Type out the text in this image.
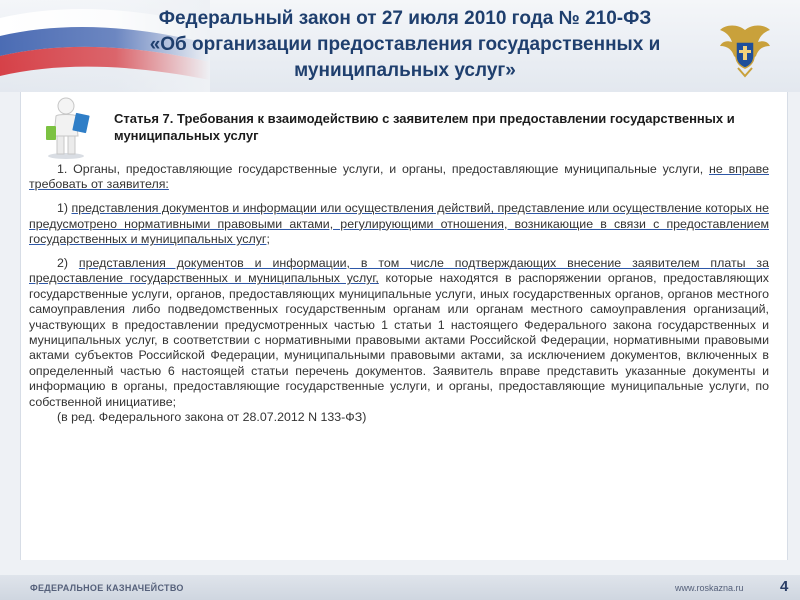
Федеральный закон от 27 июля 2010 года № 210-ФЗ
«Об организации предоставления государственных и
муниципальных услуг»
Статья 7. Требования к взаимодействию с заявителем при предоставлении государственных и муниципальных услуг

1. Органы, предоставляющие государственные услуги, и органы, предоставляющие муниципальные услуги, не вправе требовать от заявителя:

1) представления документов и информации или осуществления действий, представление или осуществление которых не предусмотрено нормативными правовыми актами, регулирующими отношения, возникающие в связи с предоставлением государственных и муниципальных услуг;

2) представления документов и информации, в том числе подтверждающих внесение заявителем платы за предоставление государственных и муниципальных услуг, которые находятся в распоряжении органов, предоставляющих государственные услуги, органов, предоставляющих муниципальные услуги, иных государственных органов, органов местного самоуправления либо подведомственных государственным органам или органам местного самоуправления организаций, участвующих в предоставлении предусмотренных частью 1 статьи 1 настоящего Федерального закона государственных и муниципальных услуг, в соответствии с нормативными правовыми актами Российской Федерации, нормативными правовыми актами субъектов Российской Федерации, муниципальными правовыми актами, за исключением документов, включенных в определенный частью 6 настоящей статьи перечень документов. Заявитель вправе представить указанные документы и информацию в органы, предоставляющие государственные услуги, и органы, предоставляющие муниципальные услуги, по собственной инициативе;

(в ред. Федерального закона от 28.07.2012 N 133-ФЗ)

ФЕДЕРАЛЬНОЕ КАЗНАЧЕЙСТВО	www.roskazna.ru 4
